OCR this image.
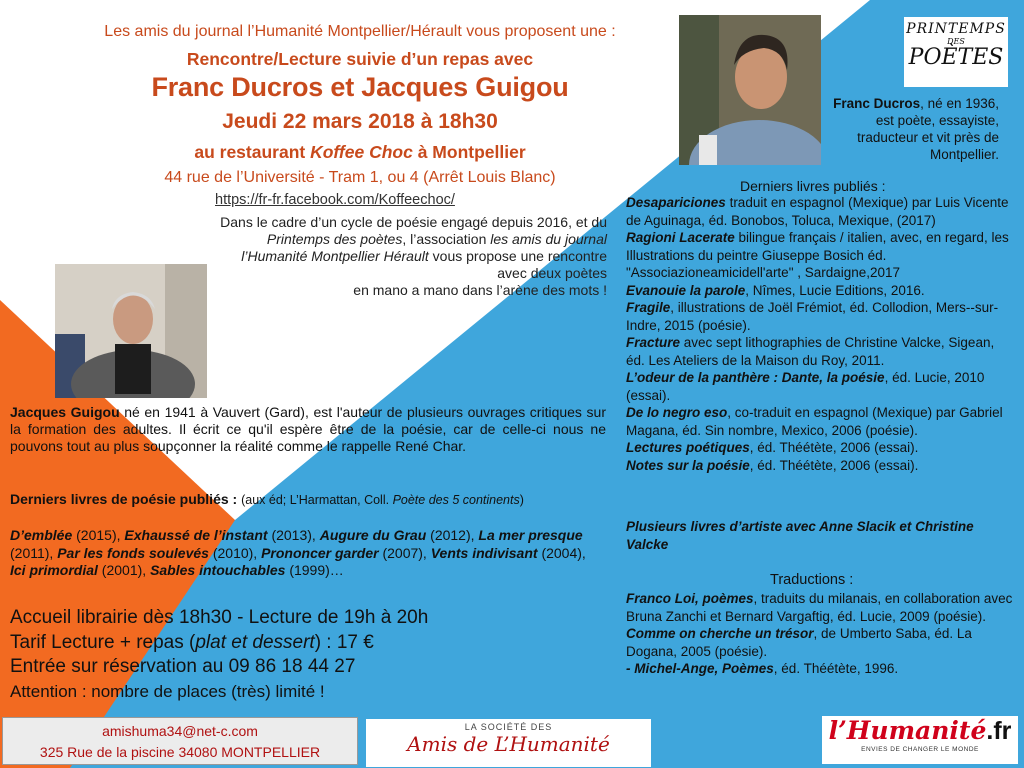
Les amis du journal l’Humanité Montpellier/Hérault vous proposent une :
Rencontre/Lecture suivie d’un repas avec
Franc Ducros et Jacques Guigou
Jeudi 22 mars 2018 à 18h30
au restaurant Koffee Choc à Montpellier
44 rue de l’Université - Tram 1, ou 4 (Arrêt Louis Blanc)
https://fr-fr.facebook.com/Koffeechoc/
Dans le cadre d’un cycle de poésie engagé depuis 2016, et du Printemps des poètes, l’association les amis du journal l’Humanité Montpellier Hérault vous propose une rencontre avec deux poètes
en mano a mano dans l’arène des mots !
Jacques Guigou né en 1941 à Vauvert (Gard), est l'auteur de plusieurs ouvrages critiques sur la formation des adultes. Il écrit ce qu'il espère être de la poésie, car de celle-ci nous ne pouvons tout au plus soupçonner la réalité comme le rappelle René Char.
Derniers livres de poésie publiés : (aux éd; L’Harmattan, Coll. Poète des 5 continents)
D’emblée (2015), Exhaussé de l’instant (2013), Augure du Grau (2012), La mer presque (2011), Par les fonds soulevés (2010), Prononcer garder (2007), Vents indivisant (2004), Ici primordial (2001), Sables intouchables (1999)…
Accueil librairie dès 18h30 - Lecture de 19h à 20h
Tarif Lecture + repas (plat et dessert) : 17 €
Entrée sur réservation au 09 86 18 44 27
Attention : nombre de places (très) limité !
amishuma34@net-c.com
325 Rue de la piscine 34080 MONTPELLIER
LA SOCIÉTÉ DES
Amis de L’Humanité	l’Humanité.fr
ENVIES DE CHANGER LE MONDE
PRINTEMPS
DES
POÈTES
Franc Ducros, né en 1936, est poète, essayiste, traducteur et vit près de Montpellier.
Derniers livres publiés :
Desapariciones traduit en espagnol (Mexique) par Luis Vicente de Aguinaga, éd. Bonobos, Toluca, Mexique, (2017)
Ragioni Lacerate bilingue français / italien, avec, en regard, les Illustrations du peintre Giuseppe Bosich éd. "Associazioneamicidell'arte" , Sardaigne,2017
Evanouie la parole, Nîmes, Lucie Editions, 2016.
Fragile, illustrations de Joël Frémiot, éd. Collodion, Mers--sur-Indre, 2015 (poésie).
Fracture avec sept lithographies de Christine Valcke, Sigean, éd. Les Ateliers de la Maison du Roy, 2011.
L’odeur de la panthère : Dante, la poésie, éd. Lucie, 2010 (essai).
De lo negro eso, co-traduit en espagnol (Mexique) par Gabriel Magana, éd. Sin nombre, Mexico, 2006 (poésie).
Lectures poétiques, éd. Théétète, 2006 (essai).
Notes sur la poésie, éd. Théétète, 2006 (essai).
Plusieurs livres d’artiste avec Anne Slacik et Christine Valcke
Traductions :
Franco Loi, poèmes, traduits du milanais, en collaboration avec Bruna Zanchi et Bernard Vargaftig, éd. Lucie, 2009 (poésie).
Comme on cherche un trésor, de Umberto Saba, éd. La Dogana, 2005 (poésie).
- Michel-Ange, Poèmes, éd. Théétète, 1996.
